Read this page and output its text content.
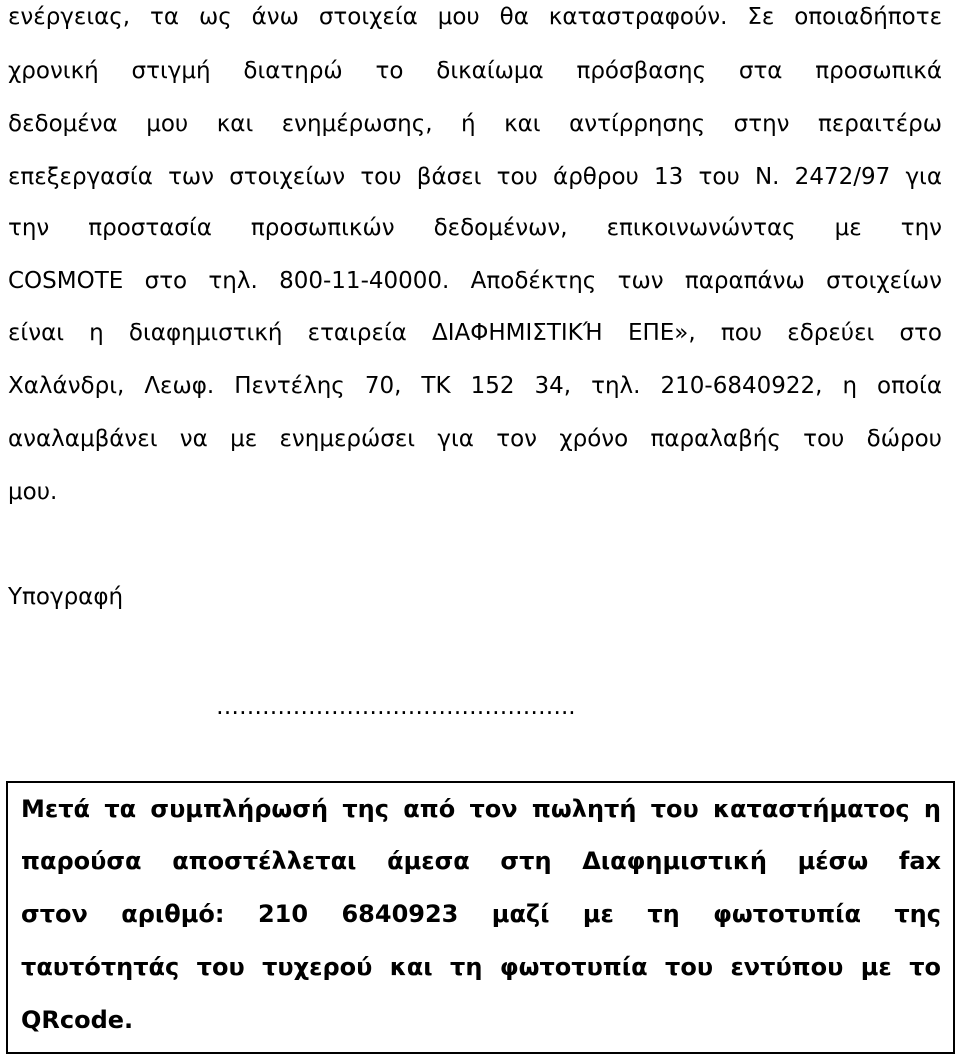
ενέργειας, τα ως άνω στοιχεία μου θα καταστραφούν. Σε οποιαδήποτε
χρονική στιγμή διατηρώ το δικαίωμα πρόσβασης στα προσωπικά
δεδομένα μου και ενημέρωσης, ή και αντίρρησης στην περαιτέρω
επεξεργασία των στοιχείων του βάσει του άρθρου 13 του Ν. 2472/97 για
την προστασία προσωπικών δεδομένων, επικοινωνώντας με την
COSMOTE στο τηλ. 800-11-40000. Αποδέκτης των παραπάνω στοιχείων
είναι η διαφημιστική εταιρεία ΔΙΑΦΗΜΙΣΤΙΚΉ ΕΠΕ», που εδρεύει στο
Χαλάνδρι, Λεωφ. Πεντέλης 70, ΤΚ 152 34, τηλ. 210-6840922, η οποία
αναλαμβάνει να με ενημερώσει για τον χρόνο παραλαβής του δώρου
μου.
Υπογραφή
………………………………………..
Μετά τα συμπλήρωσή της από τον πωλητή του καταστήματος η
παρούσα αποστέλλεται άμεσα στη Διαφημιστική μέσω fax
στον αριθμό: 210 6840923 μαζί με τη φωτοτυπία της
ταυτότητάς του τυχερού και τη φωτοτυπία του εντύπου με το
QRcode.
